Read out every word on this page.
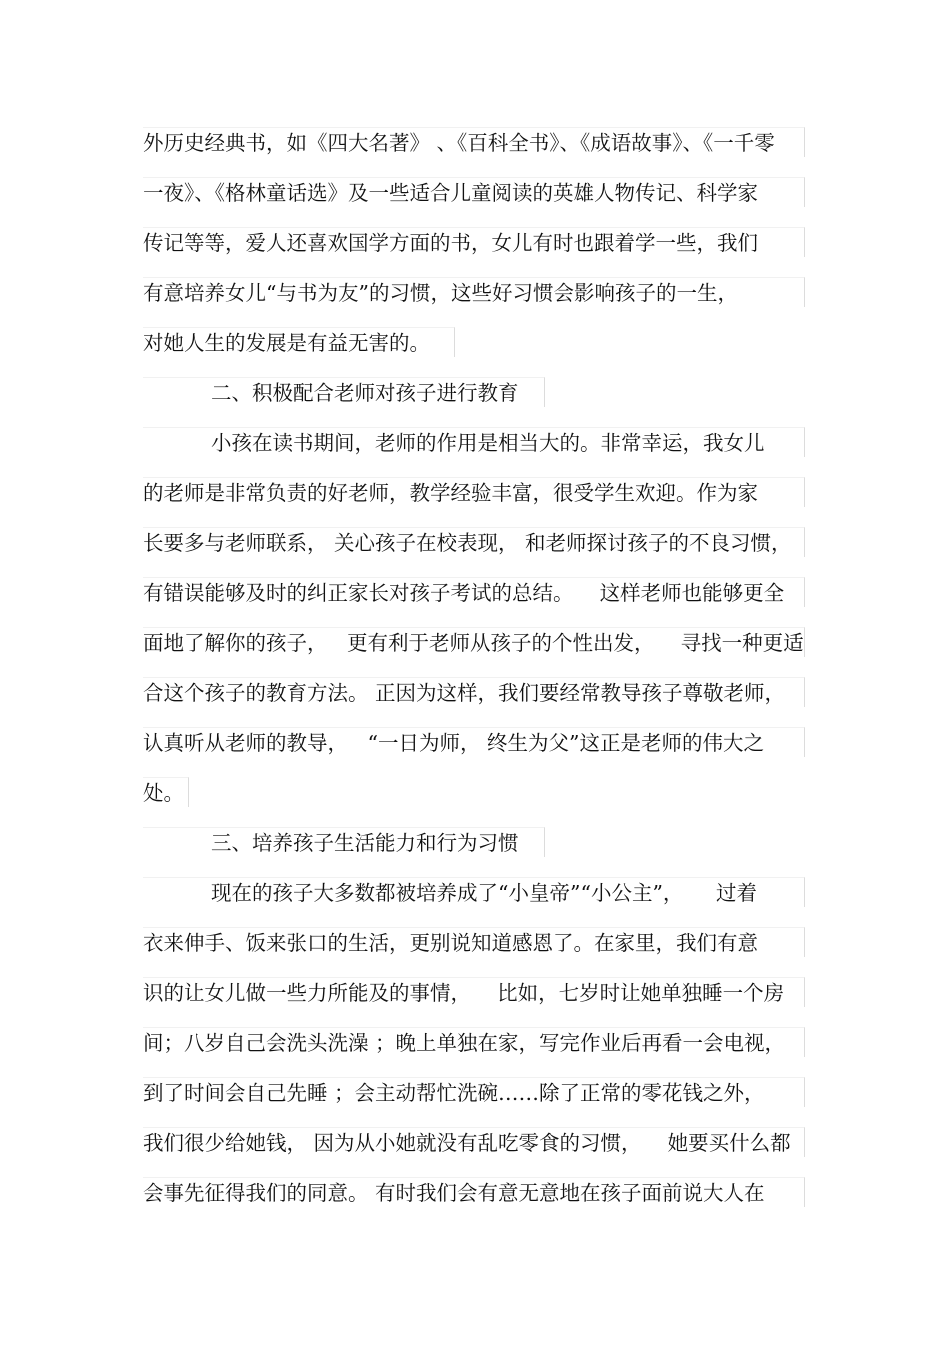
外历史经典书，如《四大名著》 、《百科全书》、《成语故事》、《一千零
一夜》、《格林童话选》及一些适合儿童阅读的英雄人物传记、科学家
传记等等，爱人还喜欢国学方面的书，女儿有时也跟着学一些，我们
有意培养女儿“与书为友”的习惯，这些好习惯会影响孩子的一生，
对她人生的发展是有益无害的。
二、积极配合老师对孩子进行教育
小孩在读书期间，老师的作用是相当大的。非常幸运，我女儿
的老师是非常负责的好老师，教学经验丰富，很受学生欢迎。作为家
长要多与老师联系， 关心孩子在校表现， 和老师探讨孩子的不良习惯，
有错误能够及时的纠正家长对孩子考试的总结。    这样老师也能够更全
面地了解你的孩子，   更有利于老师从孩子的个性出发，    寻找一种更适
合这个孩子的教育方法。 正因为这样，我们要经常教导孩子尊敬老师，
认真听从老师的教导，   “一日为师， 终生为父”这正是老师的伟大之
处。
三、培养孩子生活能力和行为习惯
现在的孩子大多数都被培养成了“小皇帝”“小公主”，     过着
衣来伸手、饭来张口的生活，更别说知道感恩了。在家里，我们有意
识的让女儿做一些力所能及的事情，    比如，七岁时让她单独睡一个房
间；八岁自己会洗头洗澡 ；晚上单独在家，写完作业后再看一会电视，
到了时间会自己先睡 ；会主动帮忙洗碗……除了正常的零花钱之外，
我们很少给她钱， 因为从小她就没有乱吃零食的习惯，    她要买什么都
会事先征得我们的同意。 有时我们会有意无意地在孩子面前说大人在
